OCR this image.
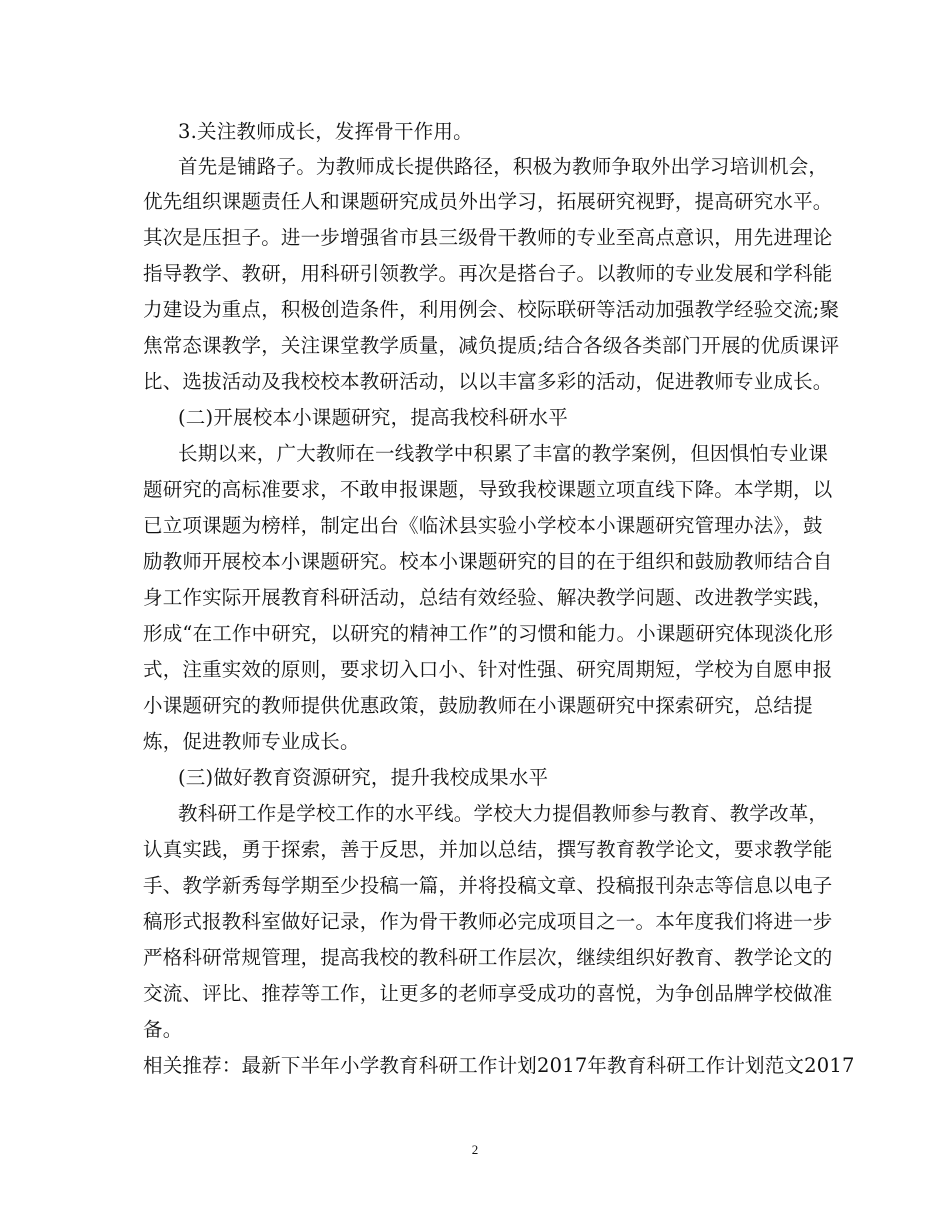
3.关注教师成长，发挥骨干作用。
首先是铺路子。为教师成长提供路径，积极为教师争取外出学习培训机会，
优先组织课题责任人和课题研究成员外出学习，拓展研究视野，提高研究水平。
其次是压担子。进一步增强省市县三级骨干教师的专业至高点意识，用先进理论
指导教学、教研，用科研引领教学。再次是搭台子。以教师的专业发展和学科能
力建设为重点，积极创造条件，利用例会、校际联研等活动加强教学经验交流;聚
焦常态课教学，关注课堂教学质量，减负提质;结合各级各类部门开展的优质课评
比、选拔活动及我校校本教研活动，以以丰富多彩的活动，促进教师专业成长。
(二)开展校本小课题研究，提高我校科研水平
长期以来，广大教师在一线教学中积累了丰富的教学案例，但因惧怕专业课
题研究的高标准要求，不敢申报课题，导致我校课题立项直线下降。本学期，以
已立项课题为榜样，制定出台《临沭县实验小学校本小课题研究管理办法》，鼓
励教师开展校本小课题研究。校本小课题研究的目的在于组织和鼓励教师结合自
身工作实际开展教育科研活动，总结有效经验、解决教学问题、改进教学实践，
形成“在工作中研究，以研究的精神工作”的习惯和能力。小课题研究体现淡化形
式，注重实效的原则，要求切入口小、针对性强、研究周期短，学校为自愿申报
小课题研究的教师提供优惠政策，鼓励教师在小课题研究中探索研究，总结提
炼，促进教师专业成长。
(三)做好教育资源研究，提升我校成果水平
教科研工作是学校工作的水平线。学校大力提倡教师参与教育、教学改革，
认真实践，勇于探索，善于反思，并加以总结，撰写教育教学论文，要求教学能
手、教学新秀每学期至少投稿一篇，并将投稿文章、投稿报刊杂志等信息以电子
稿形式报教科室做好记录，作为骨干教师必完成项目之一。本年度我们将进一步
严格科研常规管理，提高我校的教科研工作层次，继续组织好教育、教学论文的
交流、评比、推荐等工作，让更多的老师享受成功的喜悦，为争创品牌学校做准
备。
相关推荐：最新下半年小学教育科研工作计划2017年教育科研工作计划范文2017
2
